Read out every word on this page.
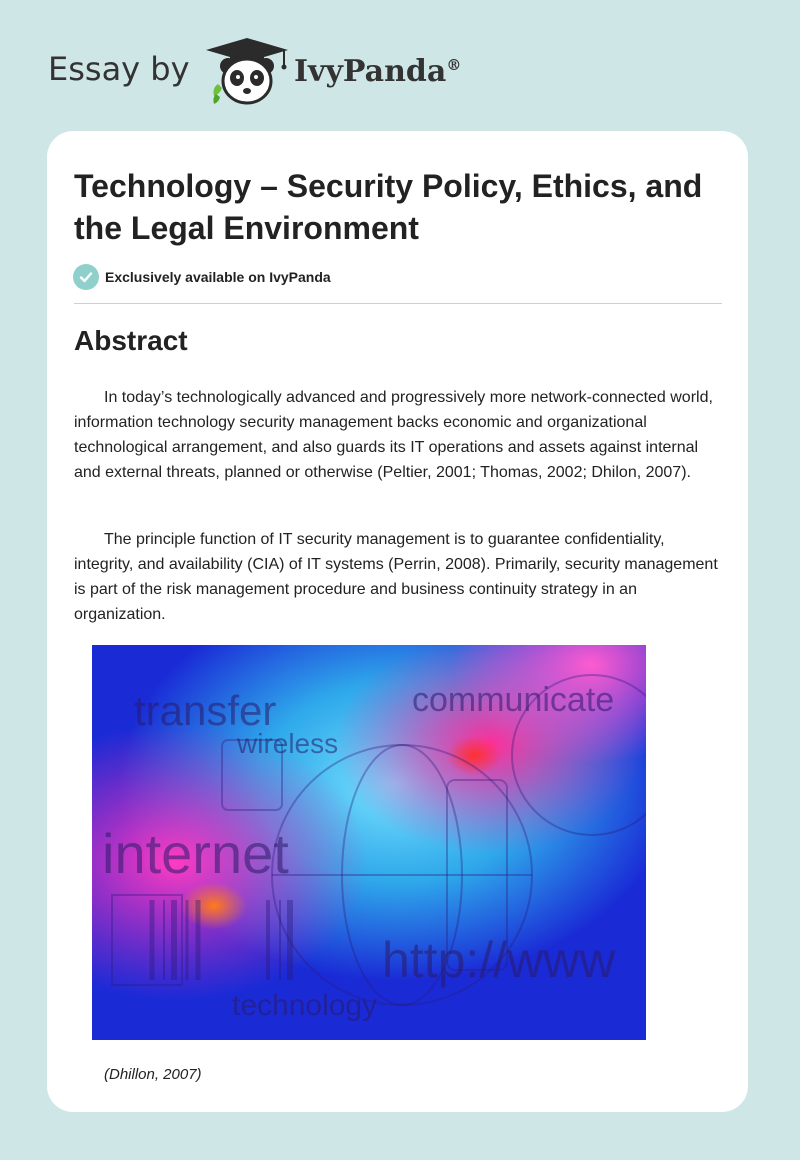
Essay by	IvyPanda®
Technology – Security Policy, Ethics, and the Legal Environment
Exclusively available on IvyPanda
Abstract

In today’s technologically advanced and progressively more network-connected world, information technology security management backs economic and organizational technological arrangement, and also guards its IT operations and assets against internal and external threats, planned or otherwise (Peltier, 2001; Thomas, 2002; Dhilon, 2007).

The principle function of IT security management is to guarantee confidentiality, integrity, and availability (CIA) of IT systems (Perrin, 2008). Primarily, security management is part of the risk management procedure and business continuity strategy in an organization.

transfer
wireless
communicate
internet
http://www
technology
(Dhillon, 2007)
